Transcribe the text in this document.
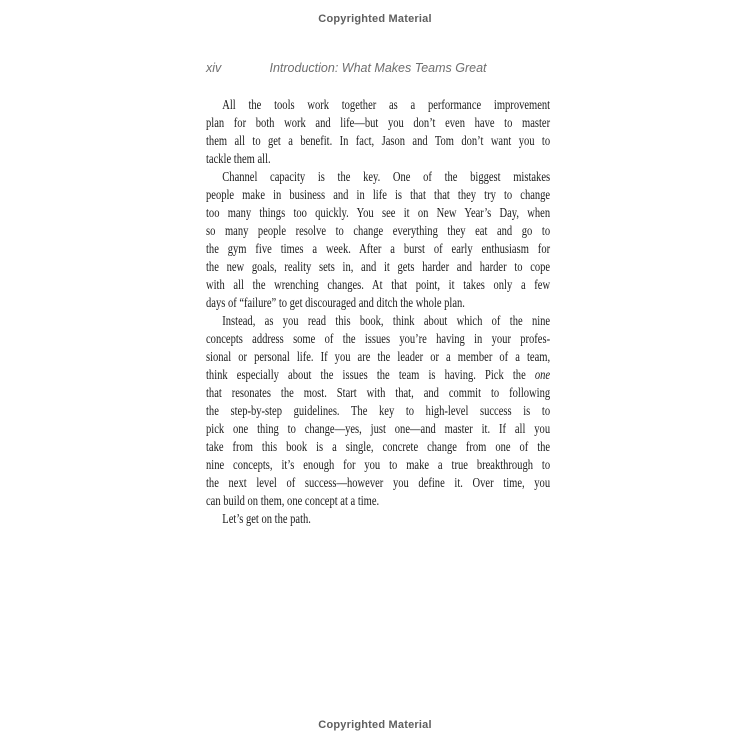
Copyrighted Material
xiv	Introduction: What Makes Teams Great
All the tools work together as a performance improvement
plan for both work and life—but you don’t even have to master
them all to get a benefit. In fact, Jason and Tom don’t want you to
tackle them all.
Channel capacity is the key. One of the biggest mistakes
people make in business and in life is that that they try to change
too many things too quickly. You see it on New Year’s Day, when
so many people resolve to change everything they eat and go to
the gym five times a week. After a burst of early enthusiasm for
the new goals, reality sets in, and it gets harder and harder to cope
with all the wrenching changes. At that point, it takes only a few
days of “failure” to get discouraged and ditch the whole plan.
Instead, as you read this book, think about which of the nine
concepts address some of the issues you’re having in your profes-
sional or personal life. If you are the leader or a member of a team,
think especially about the issues the team is having. Pick the one
that resonates the most. Start with that, and commit to following
the step-by-step guidelines. The key to high-level success is to
pick one thing to change—yes, just one—and master it. If all you
take from this book is a single, concrete change from one of the
nine concepts, it’s enough for you to make a true breakthrough to
the next level of success—however you define it. Over time, you
can build on them, one concept at a time.
Let’s get on the path.
Copyrighted Material
